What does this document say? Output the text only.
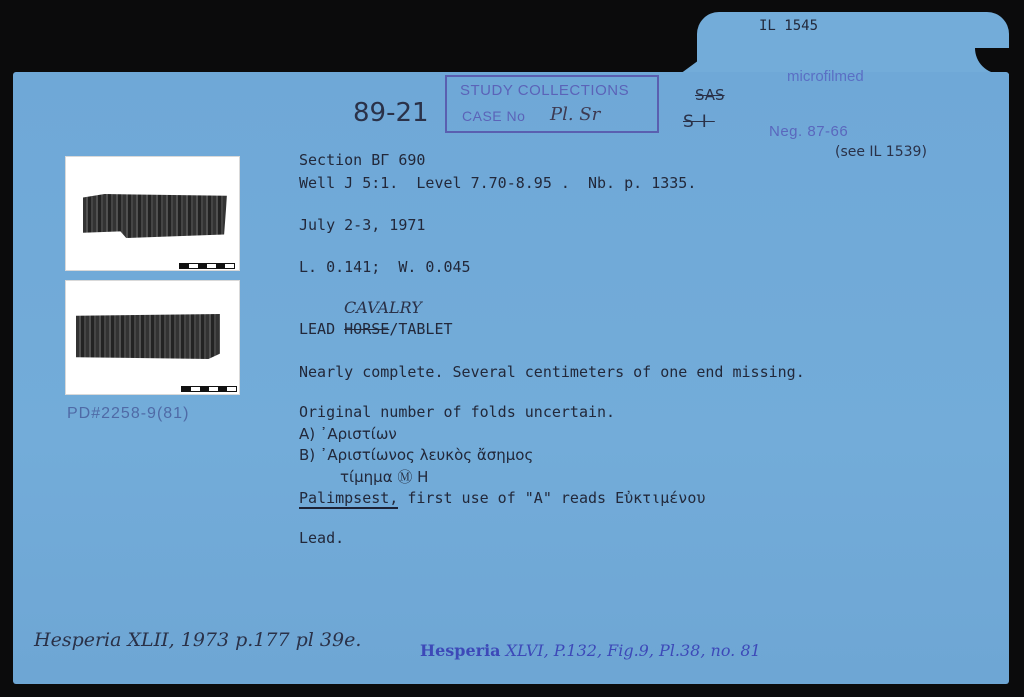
IL 1545
microfilmed
89-21
STUDY COLLECTIONS
CASE No Pl. Sr
SAS
SI	Neg. 87-66
(see IL 1539)
Section ΒΓ 690
Well J 5:1.  Level 7.70-8.95 .  Nb. p. 1335.
July 2-3, 1971
L. 0.141;  W. 0.045
CAVALRY
LEAD HORSE/TABLET
Nearly complete. Several centimeters of one end missing.
Original number of folds uncertain.
A) ᾽Αριστίων
B) ᾽Αριστίωνος λευκὸς ἄσημος
τίμημα Ⓜ Η
Palimpsest, first use of "A" reads Εὐκτιμένου
Lead.
PD#2258-9(81)
Hesperia XLII, 1973 p.177 pl 39e.	Hesperia XLVI, P.132, Fig.9, Pl.38, no. 81
